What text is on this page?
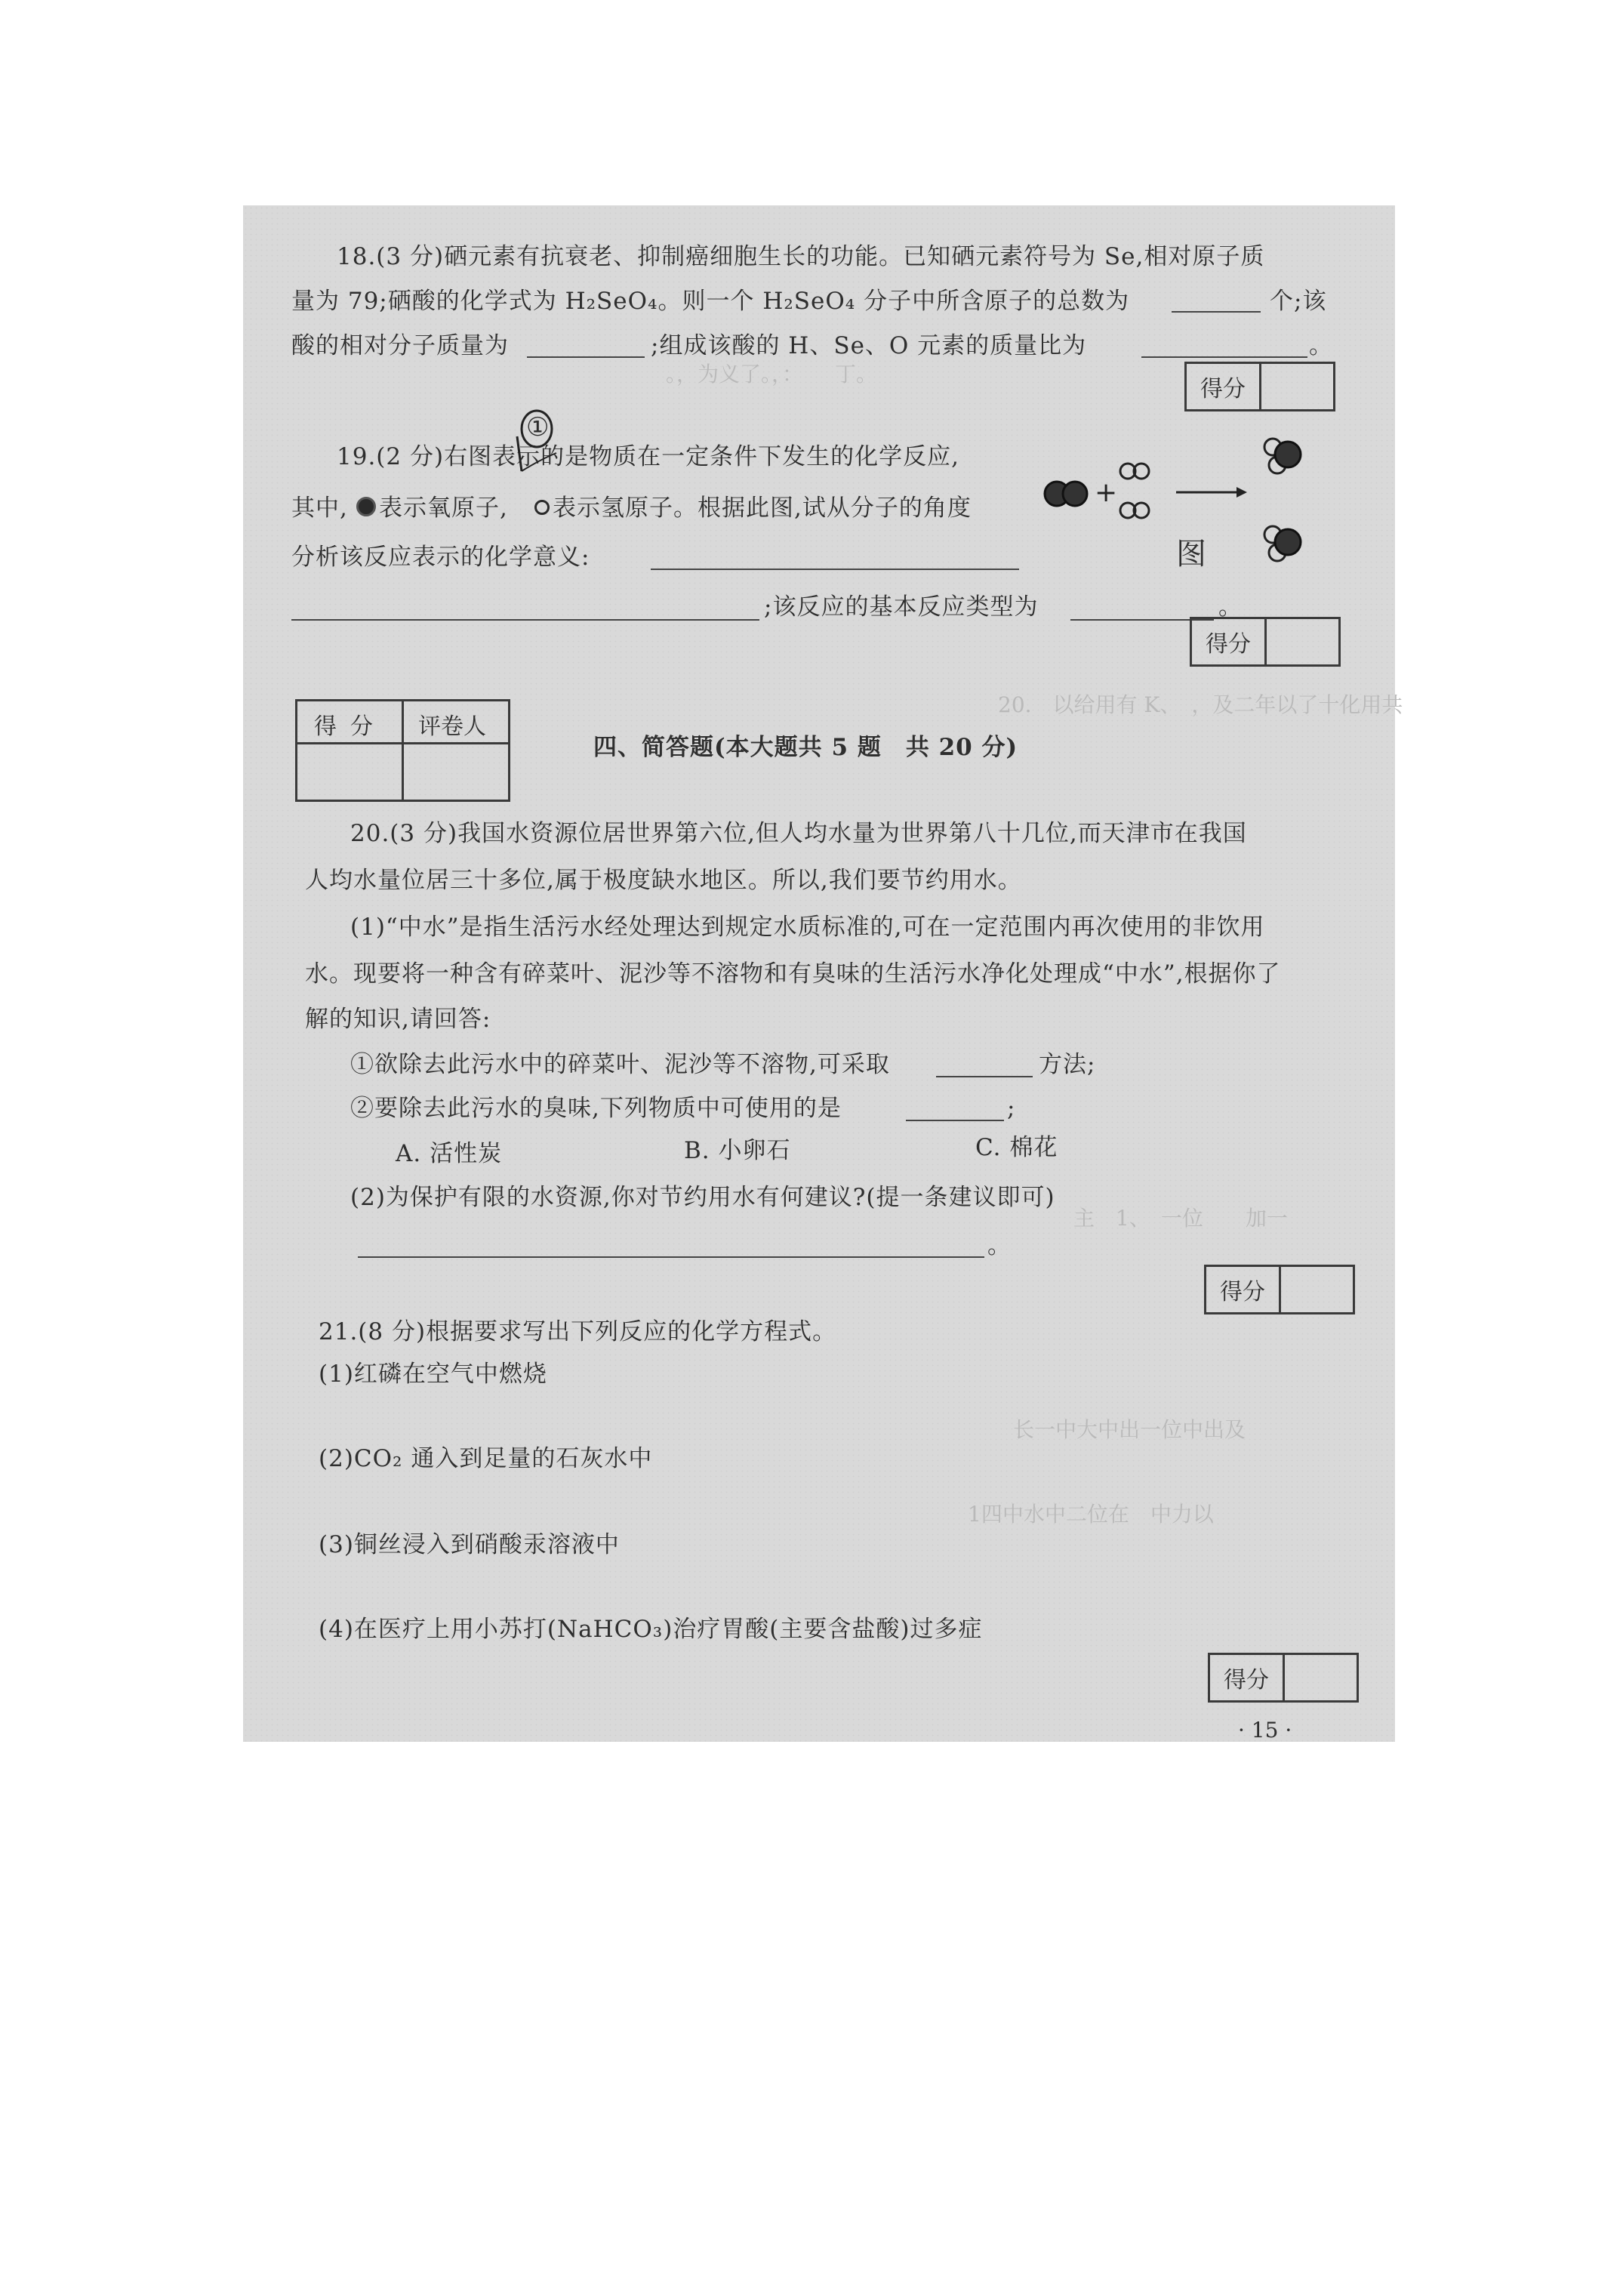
18.(3 分)硒元素有抗衰老、抑制癌细胞生长的功能。已知硒元素符号为 Se,相对原子质
量为 79;硒酸的化学式为 H₂SeO₄。则一个 H₂SeO₄ 分子中所含原子的总数为	个;该
酸的相对分子质量为	;组成该酸的 H、Se、O 元素的质量比为	。
。，为义了。，：　　丁。
得分
19.(2 分)右图表示的是物质在一定条件下发生的化学反应,
①
其中, 表示氧原子, 表示氢原子。根据此图,试从分子的角度
分析该反应表示的化学意义:
;该反应的基本反应类型为	。
+
图
得分
得分 评卷人
四、简答题(本大题共 5 题　共 20 分)
20.　以给用有 K、　，及二年以了十化用共
20.(3 分)我国水资源位居世界第六位,但人均水量为世界第八十几位,而天津市在我国
人均水量位居三十多位,属于极度缺水地区。所以,我们要节约用水。
(1)“中水”是指生活污水经处理达到规定水质标准的,可在一定范围内再次使用的非饮用
水。现要将一种含有碎菜叶、泥沙等不溶物和有臭味的生活污水净化处理成“中水”,根据你了
解的知识,请回答:
①欲除去此污水中的碎菜叶、泥沙等不溶物,可采取	方法;
②要除去此污水的臭味,下列物质中可使用的是	;
A. 活性炭	B. 小卵石	C. 棉花
(2)为保护有限的水资源,你对节约用水有何建议?(提一条建议即可)
。
主　1、　一位　　加一
得分
21.(8 分)根据要求写出下列反应的化学方程式。
(1)红磷在空气中燃烧
(2)CO₂ 通入到足量的石灰水中
(3)铜丝浸入到硝酸汞溶液中
(4)在医疗上用小苏打(NaHCO₃)治疗胃酸(主要含盐酸)过多症
长一中大中出一位中出及
1四中水中二位在　中力以
得分
· 15 ·
